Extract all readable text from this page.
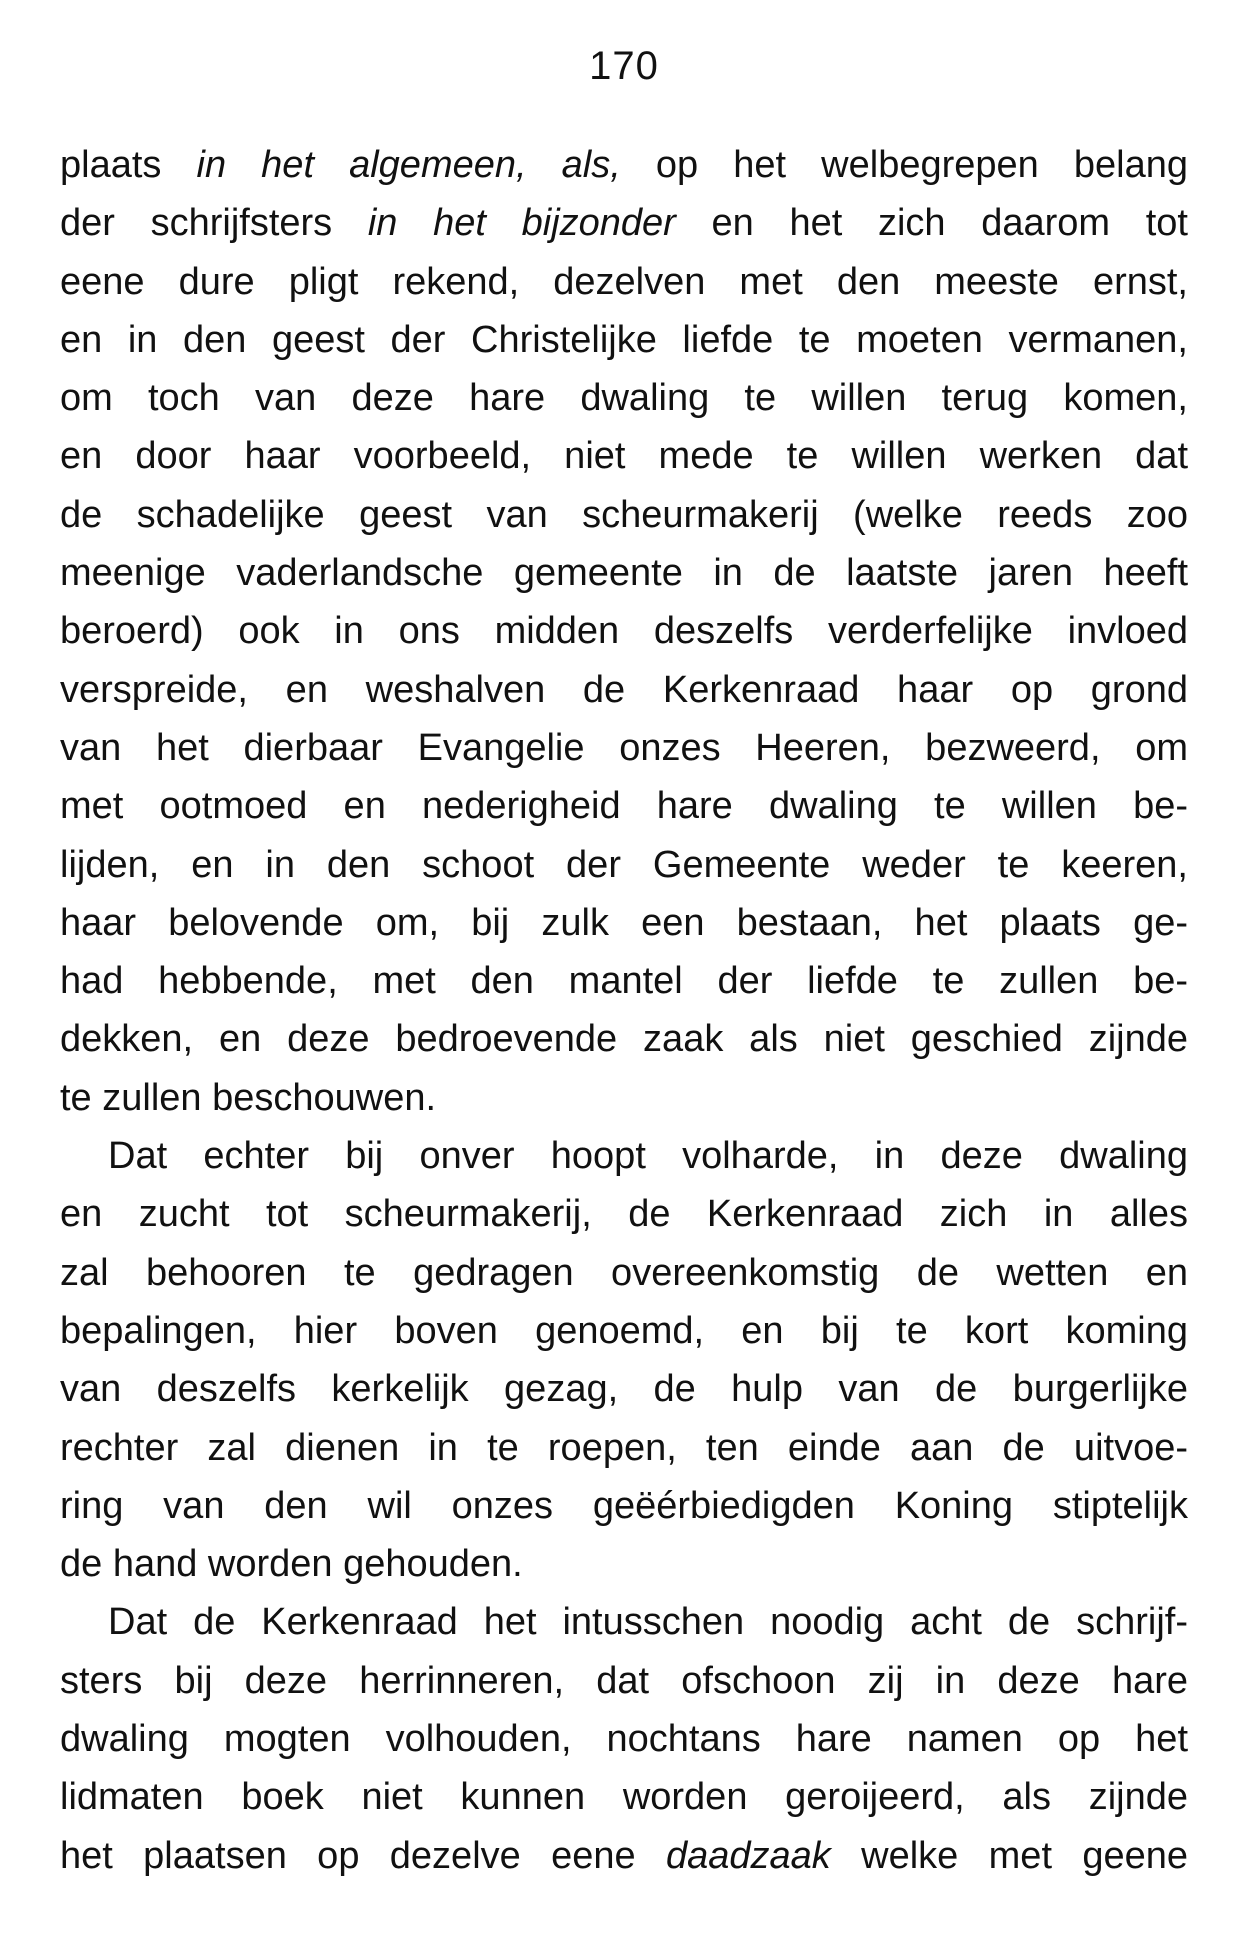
170
plaats in het algemeen, als, op het welbegrepen belang
der schrijfsters in het bijzonder en het zich daarom tot
eene dure pligt rekend, dezelven met den meeste ernst,
en in den geest der Christelijke liefde te moeten vermanen,
om toch van deze hare dwaling te willen terug komen,
en door haar voorbeeld, niet mede te willen werken dat
de schadelijke geest van scheurmakerij (welke reeds zoo
meenige vaderlandsche gemeente in de laatste jaren heeft
beroerd) ook in ons midden deszelfs verderfelijke invloed
verspreide, en weshalven de Kerkenraad haar op grond
van het dierbaar Evangelie onzes Heeren, bezweerd, om
met ootmoed en nederigheid hare dwaling te willen be-
lijden, en in den schoot der Gemeente weder te keeren,
haar belovende om, bij zulk een bestaan, het plaats ge-
had hebbende, met den mantel der liefde te zullen be-
dekken, en deze bedroevende zaak als niet geschied zijnde
te zullen beschouwen.
Dat echter bij onver hoopt volharde, in deze dwaling
en zucht tot scheurmakerij, de Kerkenraad zich in alles
zal behooren te gedragen overeenkomstig de wetten en
bepalingen, hier boven genoemd, en bij te kort koming
van deszelfs kerkelijk gezag, de hulp van de burgerlijke
rechter zal dienen in te roepen, ten einde aan de uitvoe-
ring van den wil onzes geëérbiedigden Koning stiptelijk
de hand worden gehouden.
Dat de Kerkenraad het intusschen noodig acht de schrijf-
sters bij deze herrinneren, dat ofschoon zij in deze hare
dwaling mogten volhouden, nochtans hare namen op het
lidmaten boek niet kunnen worden geroijeerd, als zijnde
het plaatsen op dezelve eene daadzaak welke met geene
